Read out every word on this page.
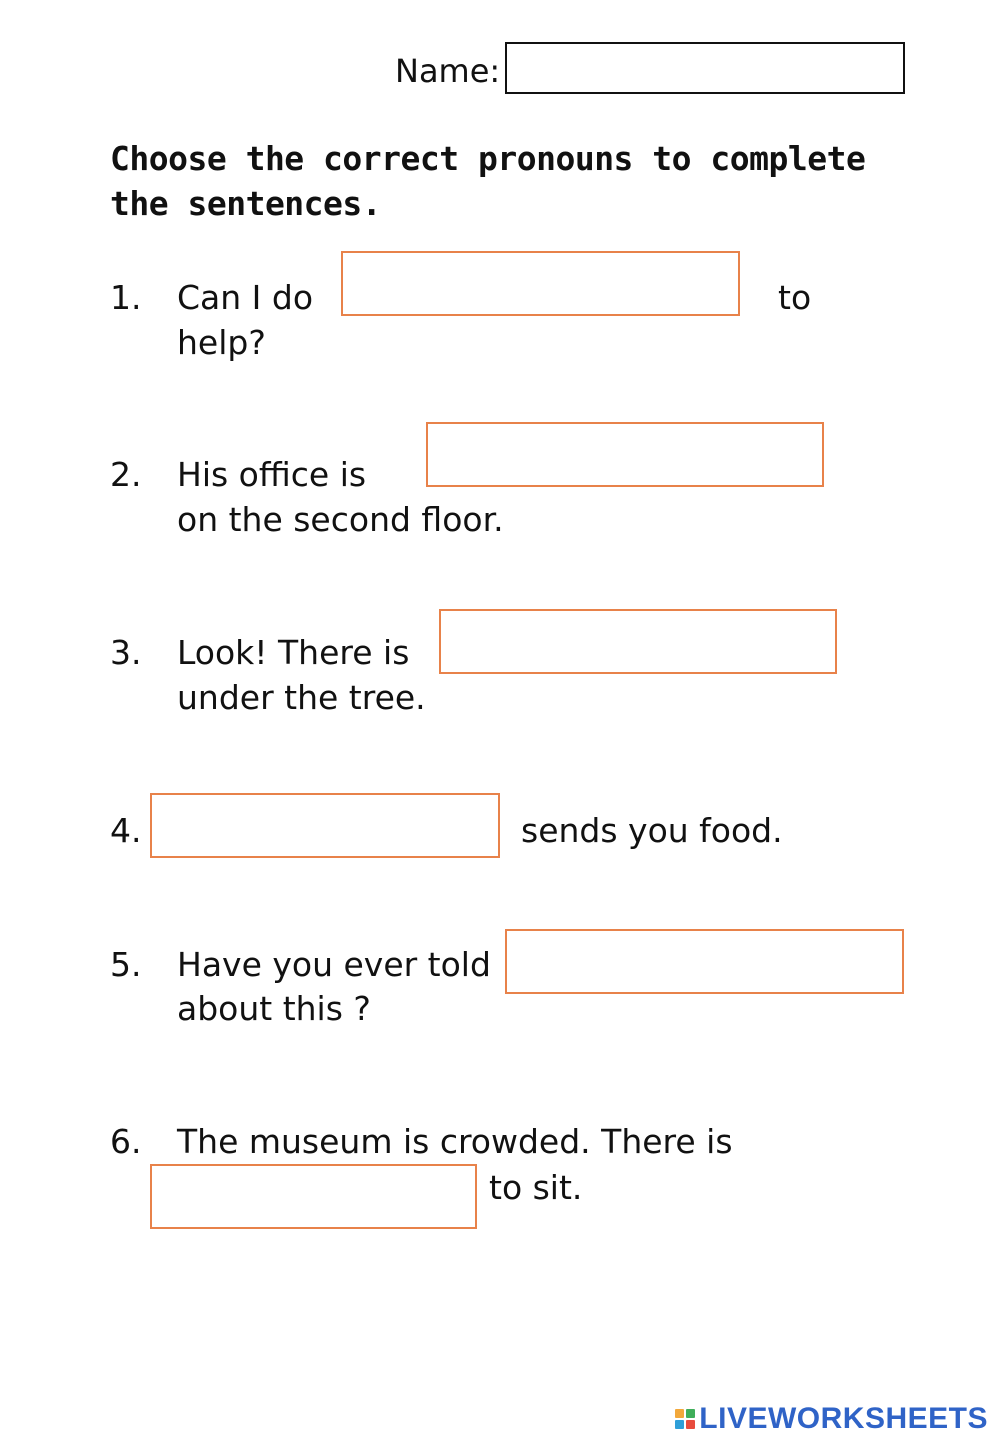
Name:
Choose the correct pronouns to complete the sentences.
1. Can I do	to
help?
2. His office is
on the second floor.
3. Look! There is
under the tree.
4.	sends you food.
5. Have you ever told
about this ?
6. The museum is crowded. There is
to sit.
LIVEWORKSHEETS
